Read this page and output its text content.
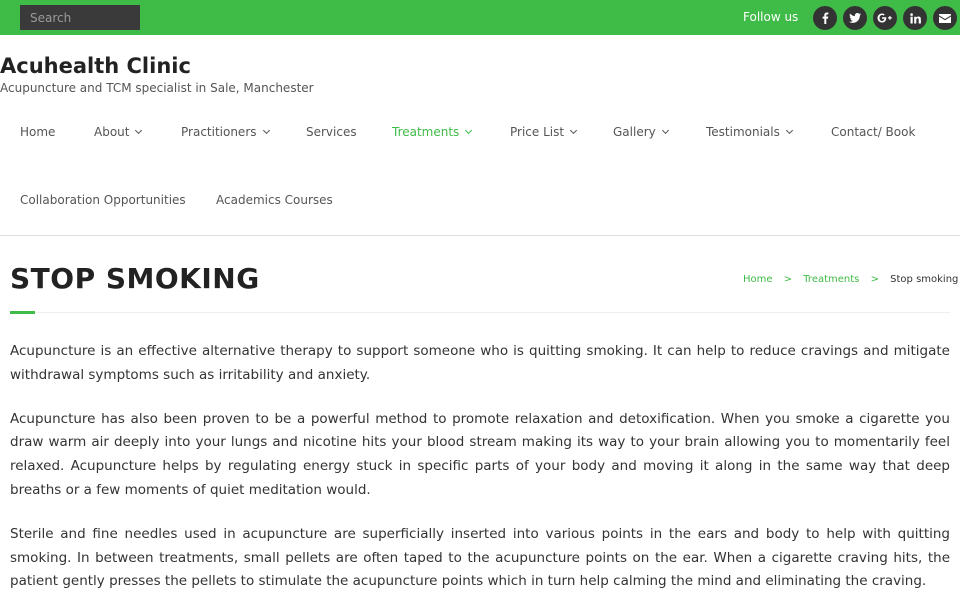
Search
Follow us
Acuhealth Clinic
Acupuncture and TCM specialist in Sale, Manchester
Home	About	Practitioners	Services	Treatments	Price List	Gallery	Testimonials	Contact/ Book
Collaboration Opportunities	Academics Courses
STOP SMOKING	Home > Treatments > Stop smoking

Acupuncture is an effective alternative therapy to support someone who is quitting smoking. It can help to reduce cravings and mitigate withdrawal symptoms such as irritability and anxiety.

Acupuncture has also been proven to be a powerful method to promote relaxation and detoxification. When you smoke a cigarette you draw warm air deeply into your lungs and nicotine hits your blood stream making its way to your brain allowing you to momentarily feel relaxed. Acupuncture helps by regulating energy stuck in specific parts of your body and moving it along in the same way that deep breaths or a few moments of quiet meditation would.

Sterile and fine needles used in acupuncture are superficially inserted into various points in the ears and body to help with quitting smoking. In between treatments, small pellets are often taped to the acupuncture points on the ear. When a cigarette craving hits, the patient gently presses the pellets to stimulate the acupuncture points which in turn help calming the mind and eliminating the craving.
